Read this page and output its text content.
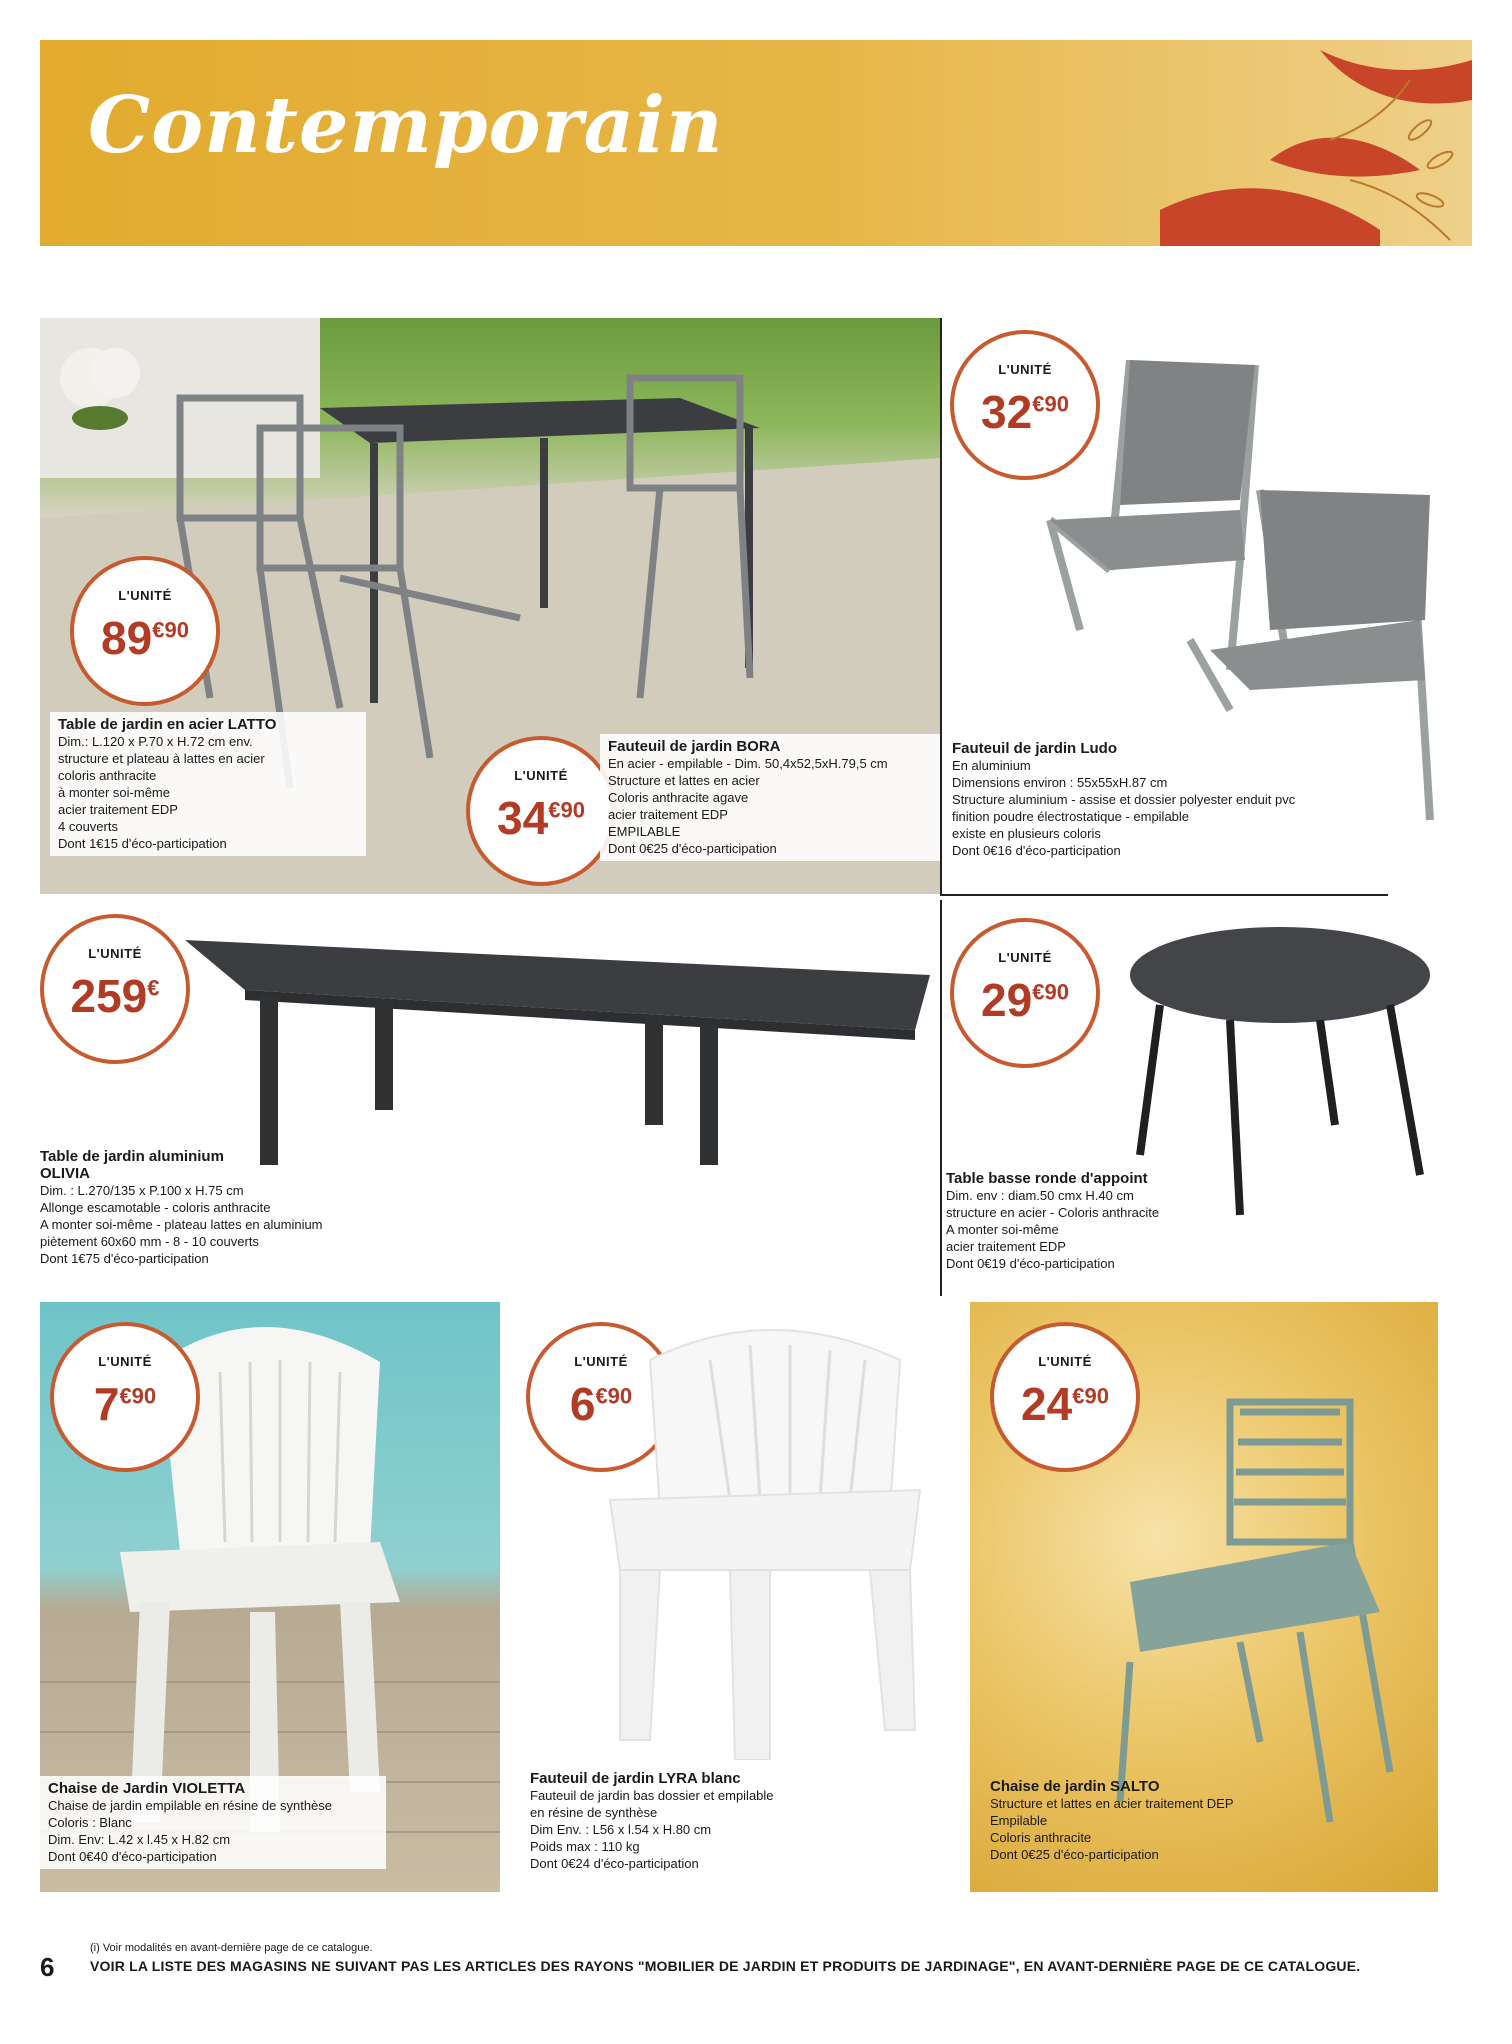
Contemporain
L'UNITÉ
$89^{€90}$
Table de jardin en acier LATTO
Dim.: L.120 x P.70 x H.72 cm env.
structure et plateau à lattes en acier
coloris anthracite
à monter soi-même
acier traitement EDP
4 couverts
Dont 1€15 d'éco-participation
L'UNITÉ
$34^{€90}$
Fauteuil de jardin BORA
En acier - empilable - Dim. 50,4x52,5xH.79,5 cm
Structure et lattes en acier
Coloris anthracite agave
acier traitement EDP
EMPILABLE
Dont 0€25 d'éco-participation
L'UNITÉ
$32^{€90}$
Fauteuil de jardin Ludo
En aluminium
Dimensions environ : 55x55xH.87 cm
Structure aluminium - assise et dossier polyester enduit pvc
finition poudre électrostatique - empilable
existe en plusieurs coloris
Dont 0€16 d'éco-participation
L'UNITÉ
259€
Table de jardin aluminium OLIVIA
Dim. : L.270/135 x P.100 x H.75 cm
Allonge escamotable - coloris anthracite
A monter soi-même - plateau lattes en aluminium
piètement 60x60 mm - 8 - 10 couverts
Dont 1€75 d'éco-participation
L'UNITÉ
$29^{€90}$
Table basse ronde d'appoint
Dim. env : diam.50 cmx H.40 cm
structure en acier - Coloris anthracite
A monter soi-même
acier traitement EDP
Dont 0€19 d'éco-participation
L'UNITÉ
$7^{€90}$
Chaise de Jardin VIOLETTA
Chaise de jardin empilable en résine de synthèse
Coloris : Blanc
Dim. Env: L.42 x l.45 x H.82 cm
Dont 0€40 d'éco-participation
L'UNITÉ
$6^{€90}$
Fauteuil de jardin LYRA blanc
Fauteuil de jardin bas dossier et empilable
en résine de synthèse
Dim Env. : L56 x l.54 x H.80 cm
Poids max : 110 kg
Dont 0€24 d'éco-participation
L'UNITÉ
$24^{€90}$
Chaise de jardin SALTO
Structure et lattes en acier traitement DEP
Empilable
Coloris anthracite
Dont 0€25 d'éco-participation
6
(i) Voir modalités en avant-dernière page de ce catalogue.
VOIR LA LISTE DES MAGASINS NE SUIVANT PAS LES ARTICLES DES RAYONS "MOBILIER DE JARDIN ET PRODUITS DE JARDINAGE", EN AVANT-DERNIÈRE PAGE DE CE CATALOGUE.
